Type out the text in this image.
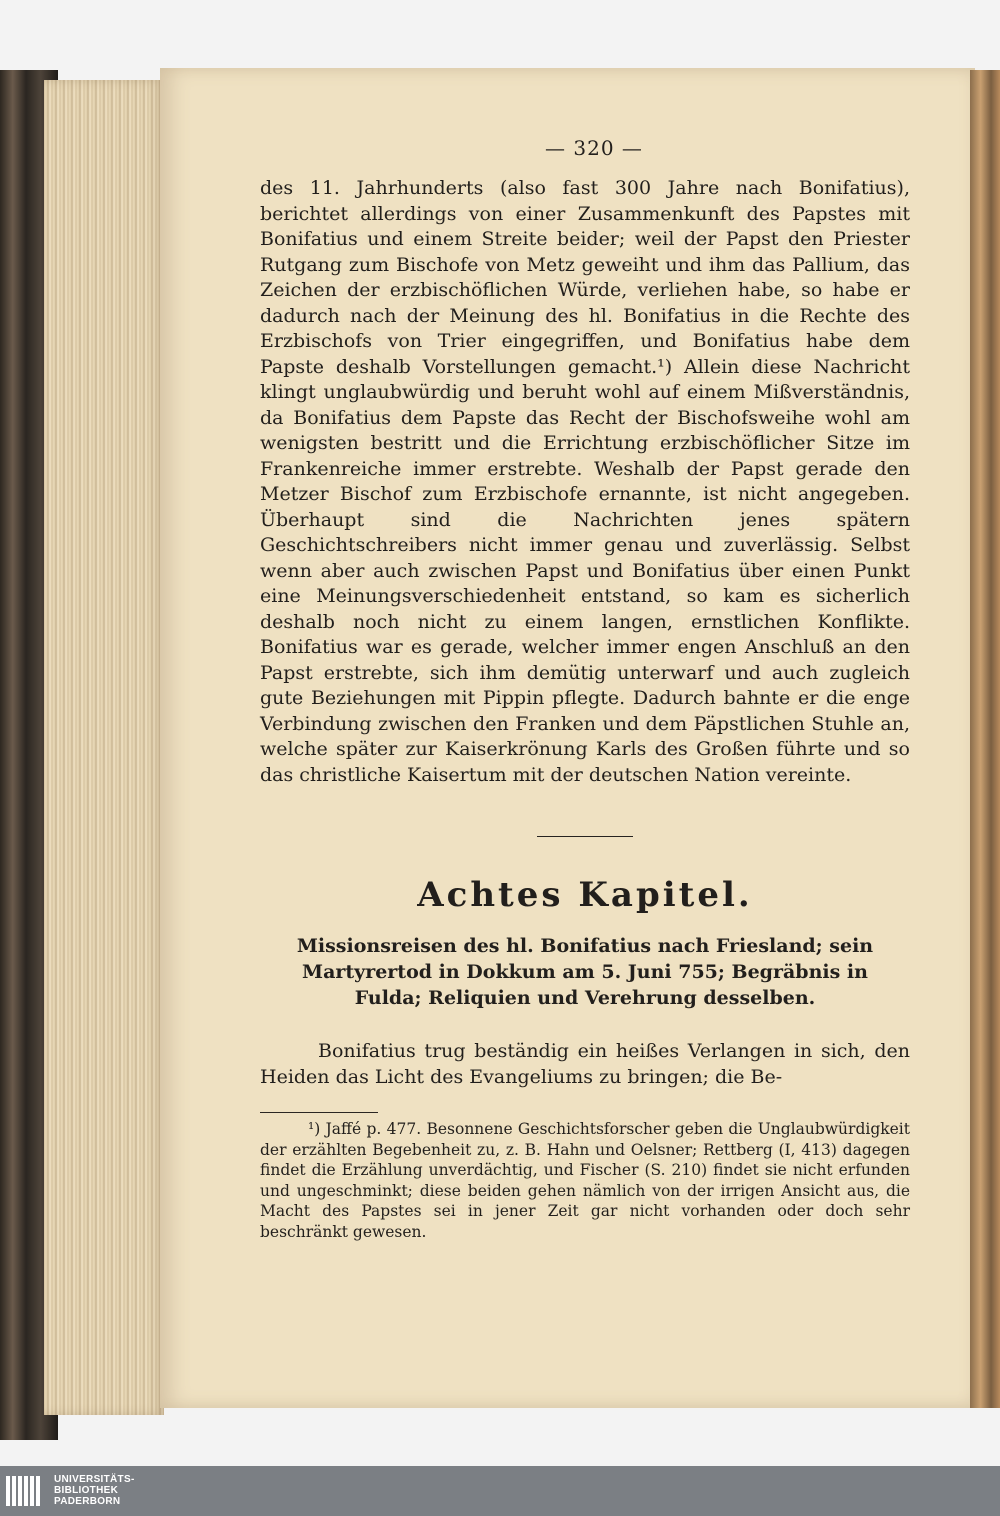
— 320 —

des 11. Jahrhunderts (also fast 300 Jahre nach Bonifatius), berichtet allerdings von einer Zusammenkunft des Papstes mit Bonifatius und einem Streite beider; weil der Papst den Priester Rutgang zum Bischofe von Metz geweiht und ihm das Pallium, das Zeichen der erzbischöflichen Würde, verliehen habe, so habe er dadurch nach der Meinung des hl. Bonifatius in die Rechte des Erzbischofs von Trier eingegriffen, und Bonifatius habe dem Papste deshalb Vorstellungen gemacht.¹) Allein diese Nachricht klingt unglaubwürdig und beruht wohl auf einem Mißverständnis, da Bonifatius dem Papste das Recht der Bischofsweihe wohl am wenigsten bestritt und die Errichtung erzbischöflicher Sitze im Frankenreiche immer erstrebte. Weshalb der Papst gerade den Metzer Bischof zum Erzbischofe ernannte, ist nicht angegeben. Überhaupt sind die Nachrichten jenes spätern Geschichtschreibers nicht immer genau und zuverlässig. Selbst wenn aber auch zwischen Papst und Bonifatius über einen Punkt eine Meinungsverschiedenheit entstand, so kam es sicherlich deshalb noch nicht zu einem langen, ernstlichen Konflikte. Bonifatius war es gerade, welcher immer engen Anschluß an den Papst erstrebte, sich ihm demütig unterwarf und auch zugleich gute Beziehungen mit Pippin pflegte. Dadurch bahnte er die enge Verbindung zwischen den Franken und dem Päpstlichen Stuhle an, welche später zur Kaiserkrönung Karls des Großen führte und so das christliche Kaisertum mit der deutschen Nation vereinte.

Achtes Kapitel.

Missionsreisen des hl. Bonifatius nach Friesland; sein Martyrertod in Dokkum am 5. Juni 755; Begräbnis in Fulda; Reliquien und Verehrung desselben.

Bonifatius trug beständig ein heißes Verlangen in sich, den Heiden das Licht des Evangeliums zu bringen; die Be-

¹) Jaffé p. 477. Besonnene Geschichtsforscher geben die Unglaubwürdigkeit der erzählten Begebenheit zu, z. B. Hahn und Oelsner; Rettberg (I, 413) dagegen findet die Erzählung unverdächtig, und Fischer (S. 210) findet sie nicht erfunden und ungeschminkt; diese beiden gehen nämlich von der irrigen Ansicht aus, die Macht des Papstes sei in jener Zeit gar nicht vorhanden oder doch sehr beschränkt gewesen.

UNIVERSITÄTS-
BIBLIOTHEK
PADERBORN
